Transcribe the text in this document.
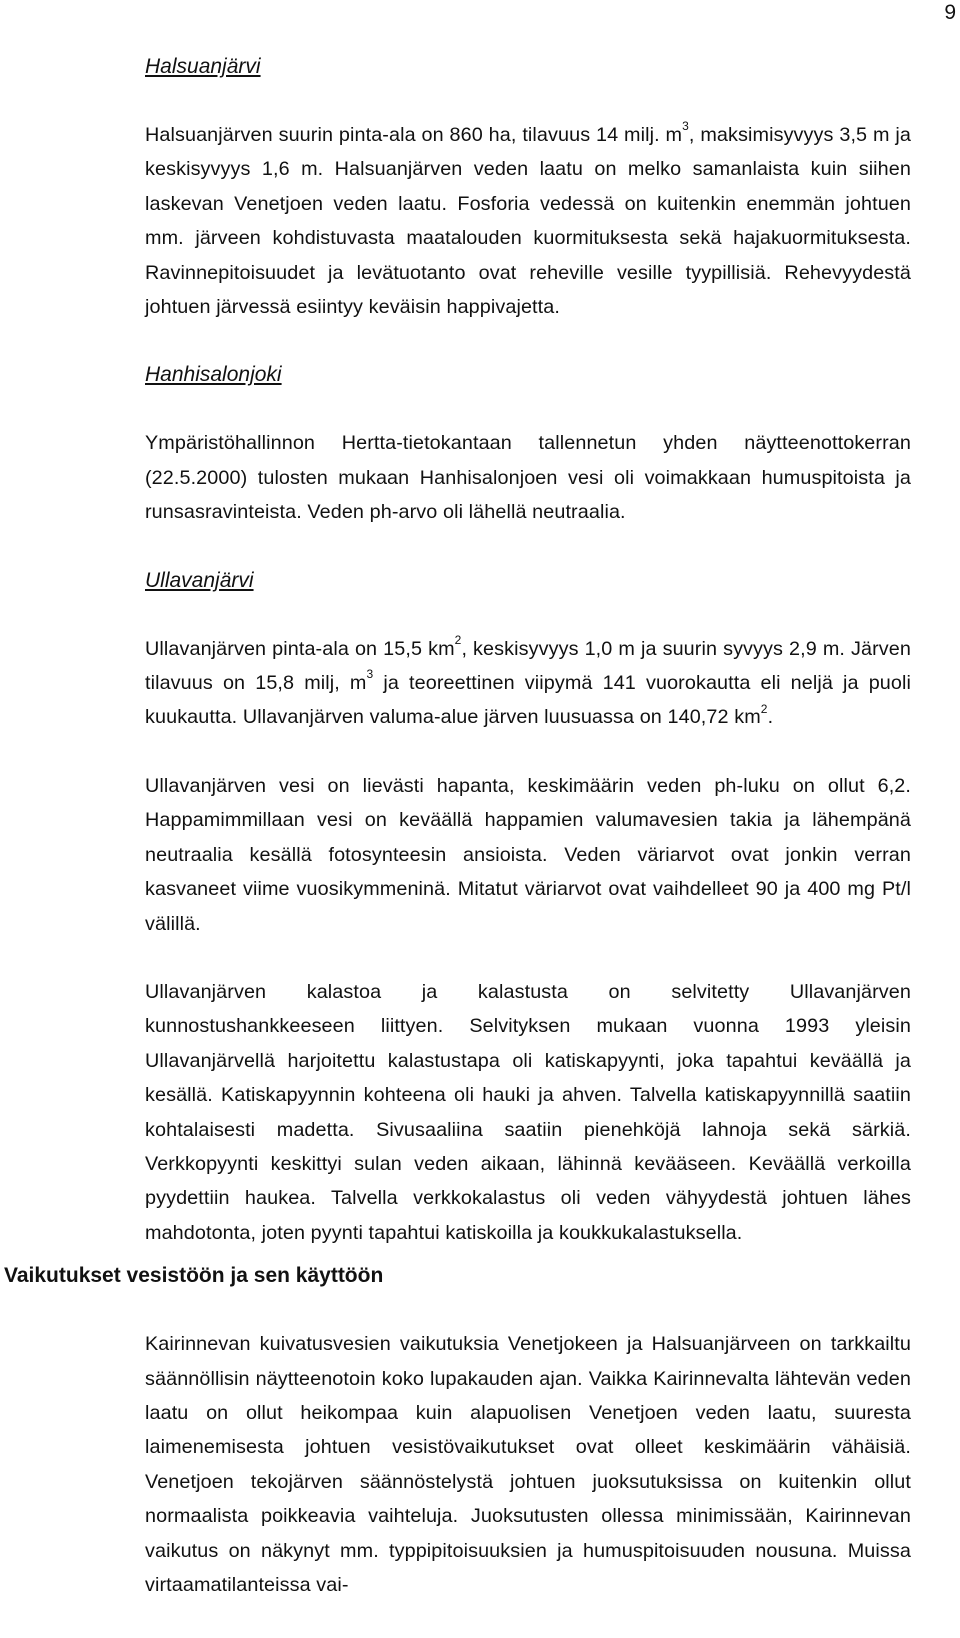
9
Halsuanjärvi

Halsuanjärven suurin pinta-ala on 860 ha, tilavuus 14 milj. $m^3$, maksimisyvyys 3,5 m ja keskisyvyys 1,6 m. Halsuanjärven veden laatu on melko samanlaista kuin siihen laskevan Venetjoen veden laatu. Fosforia vedessä on kuitenkin enemmän johtuen mm. järveen kohdistuvasta maatalouden kuormituksesta sekä hajakuormituksesta. Ravinnepitoisuudet ja levätuotanto ovat reheville vesille tyypillisiä. Rehevyydestä johtuen järvessä esiintyy keväisin happivajetta.

Hanhisalonjoki

Ympäristöhallinnon Hertta-tietokantaan tallennetun yhden näytteenottokerran (22.5.2000) tulosten mukaan Hanhisalonjoen vesi oli voimakkaan humuspitoista ja runsasravinteista. Veden ph-arvo oli lähellä neutraalia.

Ullavanjärvi

Ullavanjärven pinta-ala on 15,5 $km^2$, keskisyvyys 1,0 m ja suurin syvyys 2,9 m. Järven tilavuus on 15,8 milj, $m^3$ ja teoreettinen viipymä 141 vuorokautta eli neljä ja puoli kuukautta. Ullavanjärven valuma-alue järven luusuassa on 140,72 $km^2$.

Ullavanjärven vesi on lievästi hapanta, keskimäärin veden ph-luku on ollut 6,2. Happamimmillaan vesi on keväällä happamien valumavesien takia ja lähempänä neutraalia kesällä fotosynteesin ansioista. Veden väriarvot ovat jonkin verran kasvaneet viime vuosikymmeninä. Mitatut väriarvot ovat vaihdelleet 90 ja 400 mg Pt/l välillä.

Ullavanjärven kalastoa ja kalastusta on selvitetty Ullavanjärven kunnostushankkeeseen liittyen. Selvityksen mukaan vuonna 1993 yleisin Ullavanjärvellä harjoitettu kalastustapa oli katiskapyynti, joka tapahtui keväällä ja kesällä. Katiskapyynnin kohteena oli hauki ja ahven. Talvella katiskapyynnillä saatiin kohtalaisesti madetta. Sivusaaliina saatiin pienehköjä lahnoja sekä särkiä. Verkkopyynti keskittyi sulan veden aikaan, lähinnä kevääseen. Keväällä verkoilla pyydettiin haukea. Talvella verkkokalastus oli veden vähyydestä johtuen lähes mahdotonta, joten pyynti tapahtui katiskoilla ja koukkukalastuksella.

Vaikutukset vesistöön ja sen käyttöön

Kairinnevan kuivatusvesien vaikutuksia Venetjokeen ja Halsuanjärveen on tarkkailtu säännöllisin näytteenotoin koko lupakauden ajan. Vaikka Kairinnevalta lähtevän veden laatu on ollut heikompaa kuin alapuolisen Venetjoen veden laatu, suuresta laimenemisesta johtuen vesistövaikutukset ovat olleet keskimäärin vähäisiä. Venetjoen tekojärven säännöstelystä johtuen juoksutuksissa on kuitenkin ollut normaalista poikkeavia vaihteluja. Juoksutusten ollessa minimissään, Kairinnevan vaikutus on näkynyt mm. typpipitoisuuksien ja humuspitoisuuden nousuna. Muissa virtaamatilanteissa vai-
